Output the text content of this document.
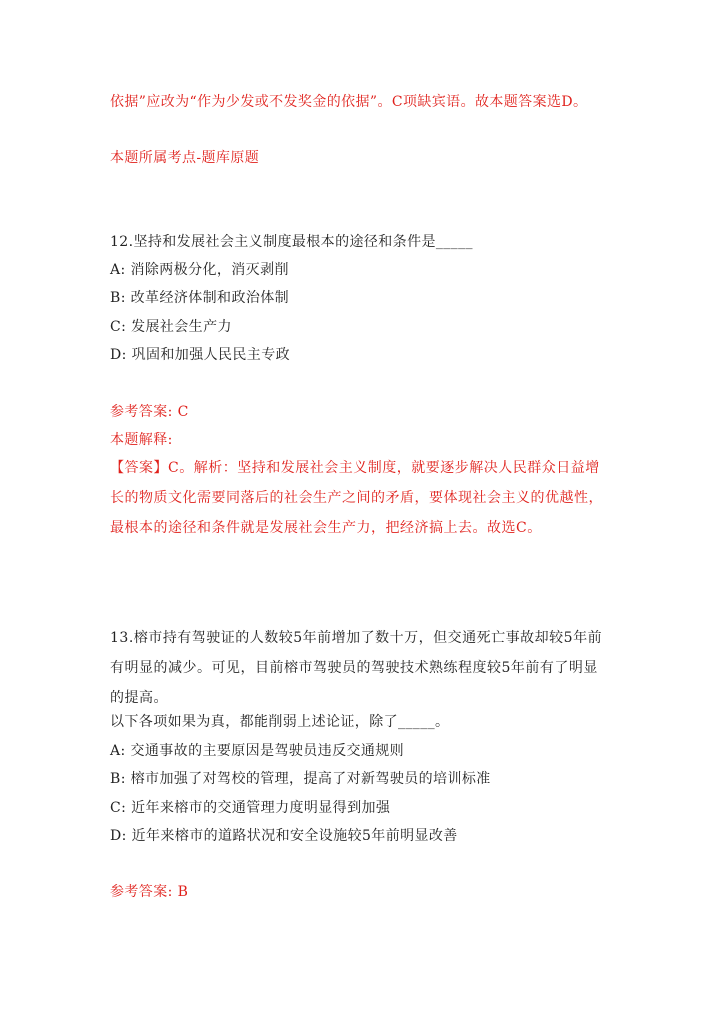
依据”应改为“作为少发或不发奖金的依据”。C项缺宾语。故本题答案选D。
本题所属考点-题库原题
12.坚持和发展社会主义制度最根本的途径和条件是_____
A: 消除两极分化，消灭剥削
B: 改革经济体制和政治体制
C: 发展社会生产力
D: 巩固和加强人民民主专政
参考答案: C
本题解释:
【答案】C。解析：坚持和发展社会主义制度，就要逐步解决人民群众日益增长的物质文化需要同落后的社会生产之间的矛盾，要体现社会主义的优越性，最根本的途径和条件就是发展社会生产力，把经济搞上去。故选C。
13.榕市持有驾驶证的人数较5年前增加了数十万，但交通死亡事故却较5年前有明显的减少。可见，目前榕市驾驶员的驾驶技术熟练程度较5年前有了明显的提高。
以下各项如果为真，都能削弱上述论证，除了_____。
A: 交通事故的主要原因是驾驶员违反交通规则
B: 榕市加强了对驾校的管理，提高了对新驾驶员的培训标准
C: 近年来榕市的交通管理力度明显得到加强
D: 近年来榕市的道路状况和安全设施较5年前明显改善
参考答案: B
